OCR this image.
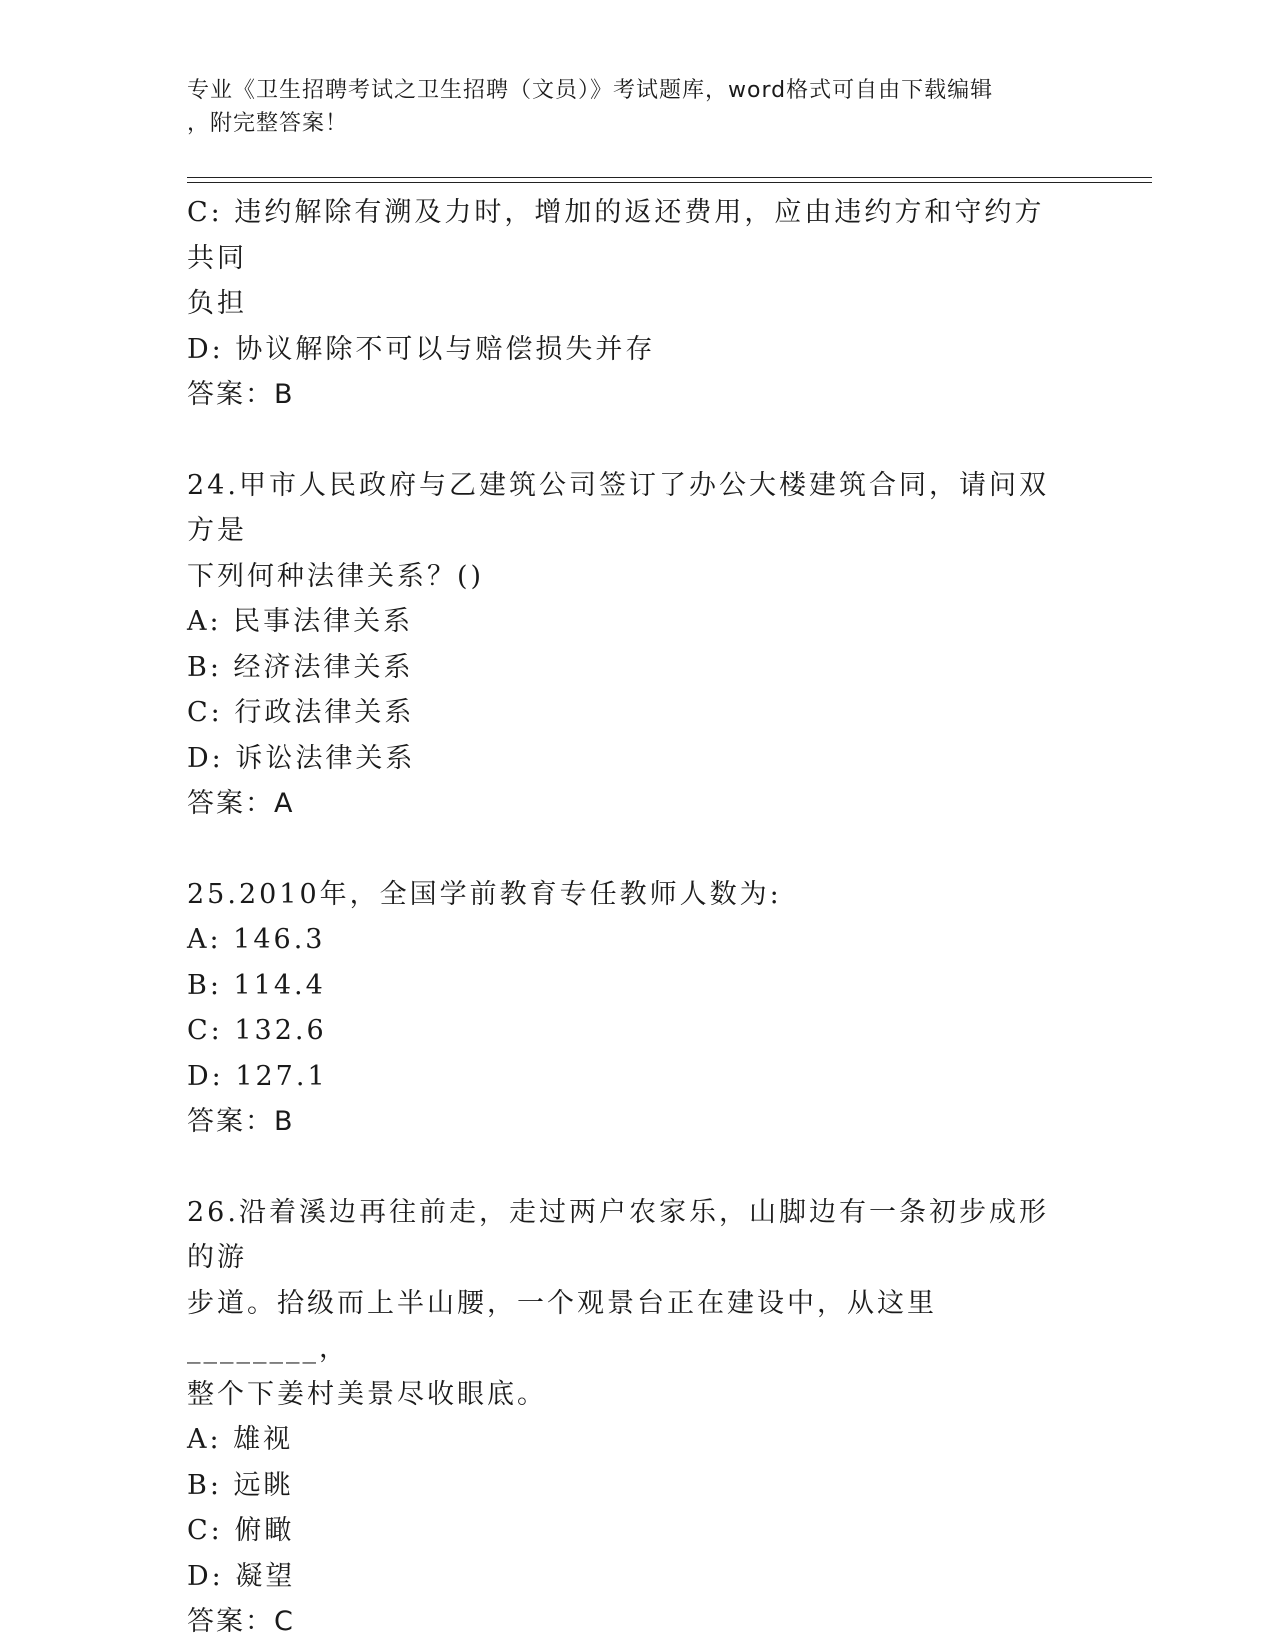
专业《卫生招聘考试之卫生招聘（文员）》考试题库，word格式可自由下载编辑
，附完整答案！
C: 违约解除有溯及力时，增加的返还费用，应由违约方和守约方共同
负担
D: 协议解除不可以与赔偿损失并存
答案：B
24.甲市人民政府与乙建筑公司签订了办公大楼建筑合同，请问双方是
下列何种法律关系？()
A: 民事法律关系
B: 经济法律关系
C: 行政法律关系
D: 诉讼法律关系
答案：A
25.2010年，全国学前教育专任教师人数为:
A: 146.3
B: 114.4
C: 132.6
D: 127.1
答案：B
26.沿着溪边再往前走，走过两户农家乐，山脚边有一条初步成形的游
步道。拾级而上半山腰，一个观景台正在建设中，从这里________，
整个下姜村美景尽收眼底。
A: 雄视
B: 远眺
C: 俯瞰
D: 凝望
答案：C
